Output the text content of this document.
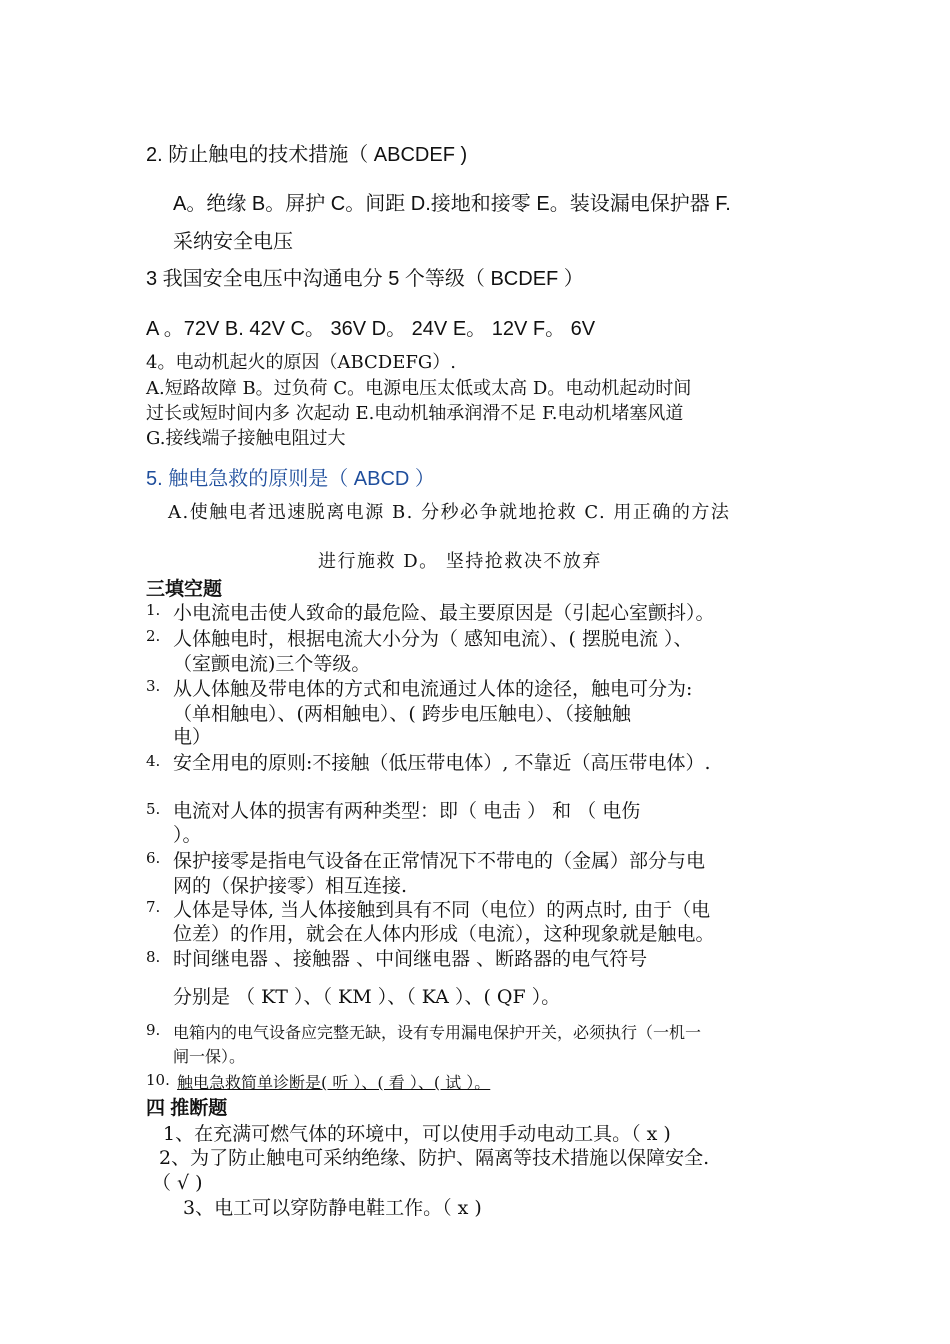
2. 防止触电的技术措施（ ABCDEF )
A。绝缘 B。屏护 C。间距 D.接地和接零 E。装设漏电保护器 F.
采纳安全电压
3 我国安全电压中沟通电分 5 个等级（ BCDEF ）
A 。72V B. 42V C。 36V D。 24V E。 12V F。 6V
4。电动机起火的原因（ABCDEFG）.
A.短路故障 B。过负荷 C。电源电压太低或太高 D。电动机起动时间
过长或短时间内多 次起动 E.电动机轴承润滑不足 F.电动机堵塞风道
G.接线端子接触电阻过大
5. 触电急救的原则是（ ABCD ）
A.使触电者迅速脱离电源 B. 分秒必争就地抢救 C. 用正确的方法
进行施救 D。 坚持抢救决不放弃
三填空题
1. 小电流电击使人致命的最危险、最主要原因是（引起心室颤抖）。
2. 人体触电时，根据电流大小分为（ 感知电流）、( 摆脱电流 ）、
（室颤电流)三个等级。
3. 从人体触及带电体的方式和电流通过人体的途径，触电可分为:
（单相触电）、(两相触电）、( 跨步电压触电）、（接触触
电）
4. 安全用电的原则:不接触（低压带电体）, 不靠近（高压带电体）.
5. 电流对人体的损害有两种类型：即（ 电击 ） 和 （ 电伤
）。
6. 保护接零是指电气设备在正常情况下不带电的（金属）部分与电
网的（保护接零）相互连接.
7. 人体是导体, 当人体接触到具有不同（电位）的两点时, 由于（电
位差）的作用，就会在人体内形成（电流），这种现象就是触电。
8. 时间继电器 、接触器 、中间继电器 、断路器的电气符号
分别是 （ KT ）、（ KM ）、（ KA ）、( QF ）。
9. 电箱内的电气设备应完整无缺，设有专用漏电保护开关，必须执行（一机一
闸一保）。
10. 触电急救简单诊断是( 听 ）、( 看 ）、( 试 ）。
四 推断题
1、在充满可燃气体的环境中，可以使用手动电动工具。（ x )
2、为了防止触电可采纳绝缘、防护、隔离等技术措施以保障安全.
（ √ )
3、电工可以穿防静电鞋工作。（ x )
